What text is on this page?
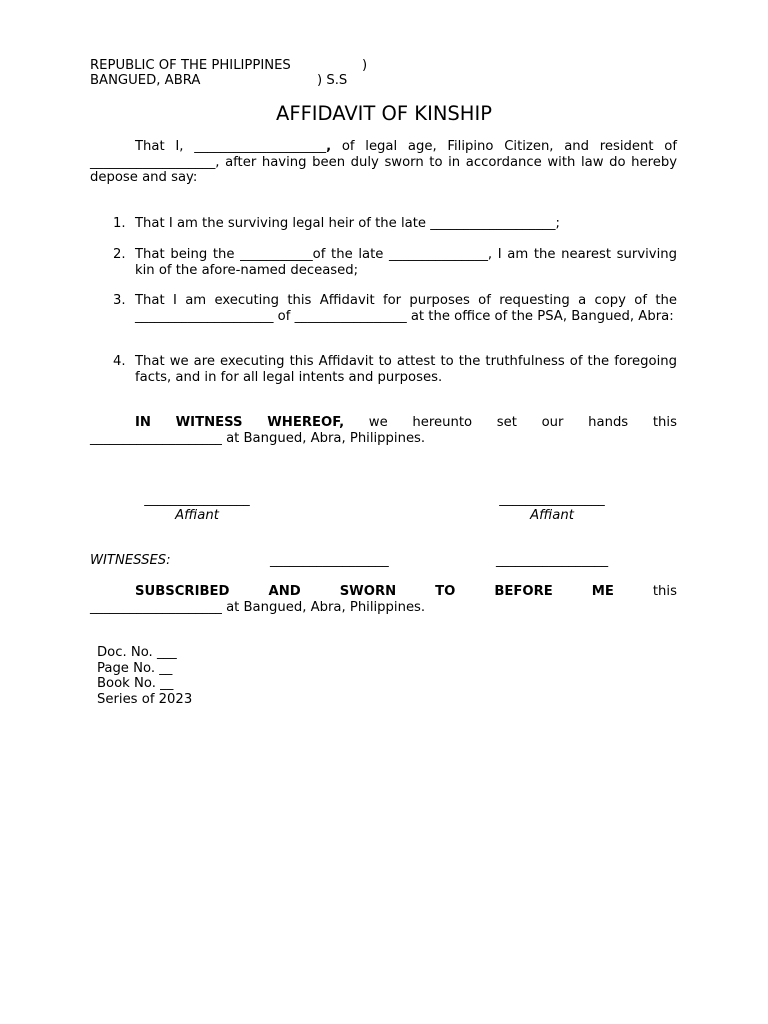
REPUBLIC OF THE PHILIPPINES	)
BANGUED, ABRA	) S.S
AFFIDAVIT OF KINSHIP
That I, ____________________, of legal age, Filipino Citizen, and resident of ___________________, after having been duly sworn to in accordance with law do hereby depose and say:
1. That I am the surviving legal heir of the late ___________________;
2. That being the ___________of the late _______________, I am the nearest surviving kin of the afore-named deceased;
3. That I am executing this Affidavit for purposes of requesting a copy of the _____________________ of _________________ at the office of the PSA, Bangued, Abra:
4. That we are executing this Affidavit to attest to the truthfulness of the foregoing facts, and in for all legal intents and purposes.
IN WITNESS WHEREOF, we hereunto set our hands this
____________________ at Bangued, Abra, Philippines.
________________
Affiant
________________
Affiant
WITNESSES:	__________________	_________________
SUBSCRIBED	AND	SWORN	TO	BEFORE	ME	this
____________________ at Bangued, Abra, Philippines.
Doc. No. ___
Page No. __
Book No. __
Series of 2023
